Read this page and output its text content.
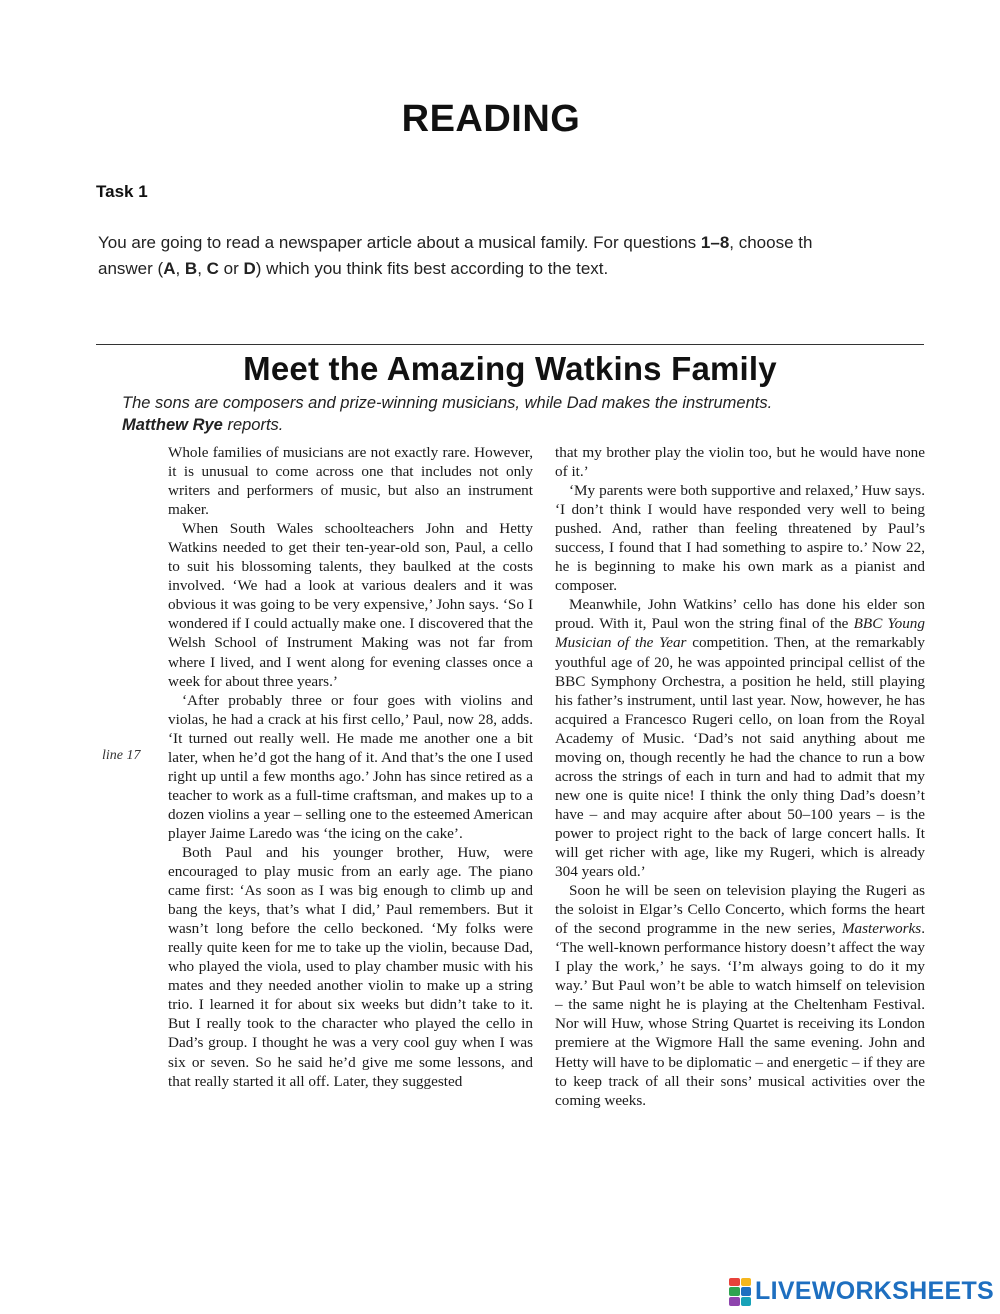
READING
Task 1
You are going to read a newspaper article about a musical family. For questions 1–8, choose th
answer (A, B, C or D) which you think fits best according to the text.
Meet the Amazing Watkins Family
The sons are composers and prize-winning musicians, while Dad makes the instruments.
Matthew Rye reports.
line 17

Whole families of musicians are not exactly rare. However, it is unusual to come across one that includes not only writers and performers of music, but also an instrument maker.

When South Wales schoolteachers John and Hetty Watkins needed to get their ten-year-old son, Paul, a cello to suit his blossoming talents, they baulked at the costs involved. ‘We had a look at various dealers and it was obvious it was going to be very expensive,’ John says. ‘So I wondered if I could actually make one. I discovered that the Welsh School of Instrument Making was not far from where I lived, and I went along for evening classes once a week for about three years.’

‘After probably three or four goes with violins and violas, he had a crack at his first cello,’ Paul, now 28, adds. ‘It turned out really well. He made me another one a bit later, when he’d got the hang of it. And that’s the one I used right up until a few months ago.’ John has since retired as a teacher to work as a full-time craftsman, and makes up to a dozen violins a year – selling one to the esteemed American player Jaime Laredo was ‘the icing on the cake’.

Both Paul and his younger brother, Huw, were encouraged to play music from an early age. The piano came first: ‘As soon as I was big enough to climb up and bang the keys, that’s what I did,’ Paul remembers. But it wasn’t long before the cello beckoned. ‘My folks were really quite keen for me to take up the violin, because Dad, who played the viola, used to play chamber music with his mates and they needed another violin to make up a string trio. I learned it for about six weeks but didn’t take to it. But I really took to the character who played the cello in Dad’s group. I thought he was a very cool guy when I was six or seven. So he said he’d give me some lessons, and that really started it all off. Later, they suggested

that my brother play the violin too, but he would have none of it.’

‘My parents were both supportive and relaxed,’ Huw says. ‘I don’t think I would have responded very well to being pushed. And, rather than feeling threatened by Paul’s success, I found that I had something to aspire to.’ Now 22, he is beginning to make his own mark as a pianist and composer.

Meanwhile, John Watkins’ cello has done his elder son proud. With it, Paul won the string final of the BBC Young Musician of the Year competition. Then, at the remarkably youthful age of 20, he was appointed principal cellist of the BBC Symphony Orchestra, a position he held, still playing his father’s instrument, until last year. Now, however, he has acquired a Francesco Rugeri cello, on loan from the Royal Academy of Music. ‘Dad’s not said anything about me moving on, though recently he had the chance to run a bow across the strings of each in turn and had to admit that my new one is quite nice! I think the only thing Dad’s doesn’t have – and may acquire after about 50–100 years – is the power to project right to the back of large concert halls. It will get richer with age, like my Rugeri, which is already 304 years old.’

Soon he will be seen on television playing the Rugeri as the soloist in Elgar’s Cello Concerto, which forms the heart of the second programme in the new series, Masterworks. ‘The well-known performance history doesn’t affect the way I play the work,’ he says. ‘I’m always going to do it my way.’ But Paul won’t be able to watch himself on television – the same night he is playing at the Cheltenham Festival. Nor will Huw, whose String Quartet is receiving its London premiere at the Wigmore Hall the same evening. John and Hetty will have to be diplomatic – and energetic – if they are to keep track of all their sons’ musical activities over the coming weeks.

LIVEWORKSHEETS
